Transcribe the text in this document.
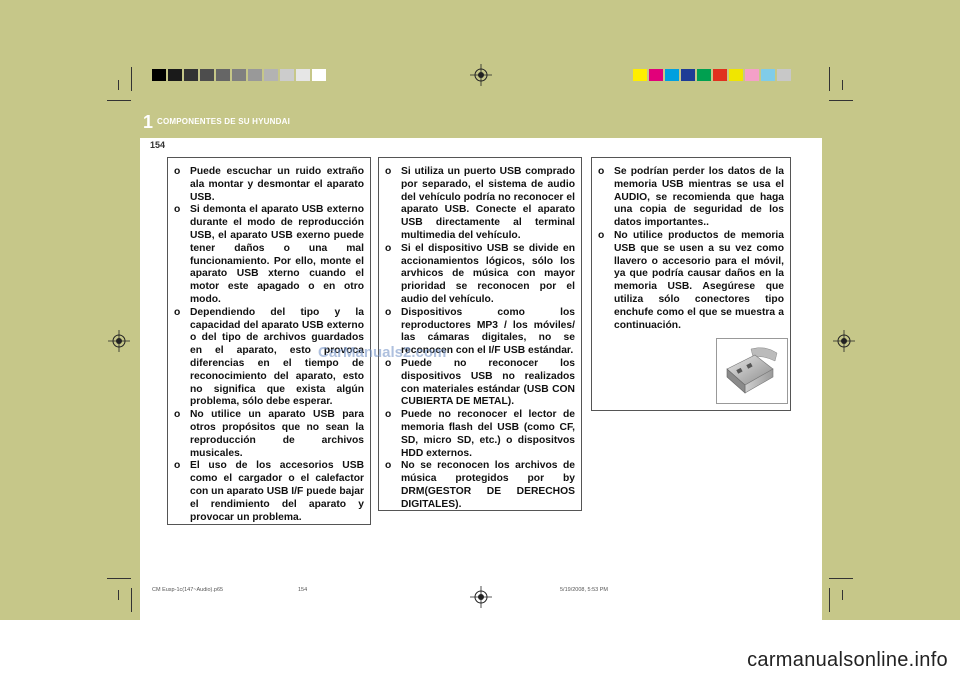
1 COMPONENTES DE SU HYUNDAI
154
o Puede escuchar un ruido extraño ala montar y desmontar el aparato USB.
o Si demonta el aparato USB externo durante el modo de reproducción USB, el aparato USB exerno puede tener daños o una mal funcionamiento. Por ello, monte el aparato USB xterno cuando el motor este apagado o en otro modo.
o Dependiendo del tipo y la capacidad del aparato USB externo o del tipo de archivos guardados en el aparato, esto provoca diferencias en el tiempo de reconocimiento del aparato, esto no significa que exista algún problema, sólo debe esperar.
o No utilice un aparato USB para otros propósitos que no sean la reproducción de archivos musicales.
o El uso de los accesorios USB como el cargador o el calefactor con un aparato USB I/F puede bajar el rendimiento del aparato y provocar un problema.
o Si utiliza un puerto USB comprado por separado, el sistema de audio del vehículo podría no reconocer el aparato USB. Conecte el aparato USB directamente al terminal multimedia del vehículo.
o Si el dispositivo USB se divide en accionamientos lógicos, sólo los arvhicos de música con mayor prioridad se reconocen por el audio del vehículo.
o Dispositivos como los reproductores MP3 / los móviles/ las cámaras digitales, no se reconocen con el I/F USB estándar.
o Puede no reconocer los dispositivos USB no realizados con materiales estándar (USB CON CUBIERTA DE METAL).
o Puede no reconocer el lector de memoria flash del USB (como CF, SD, micro SD, etc.) o dispositvos HDD externos.
o No se reconocen los archivos de música protegidos por by DRM(GESTOR DE DERECHOS DIGITALES).
o Se podrían perder los datos de la memoria USB mientras se usa el AUDIO, se recomienda que haga una copia de seguridad de los datos importantes..
o No utilice productos de memoria USB que se usen a su vez como llavero o accesorio para el móvil, ya que podría causar daños en la memoria USB. Asegúrese que utiliza sólo conectores tipo enchufe como el que se muestra a continuación.
CarManuals2.com
CM Eusp-1c(147~Audio).p65	154	5/19/2008, 5:53 PM
carmanualsonline.info
